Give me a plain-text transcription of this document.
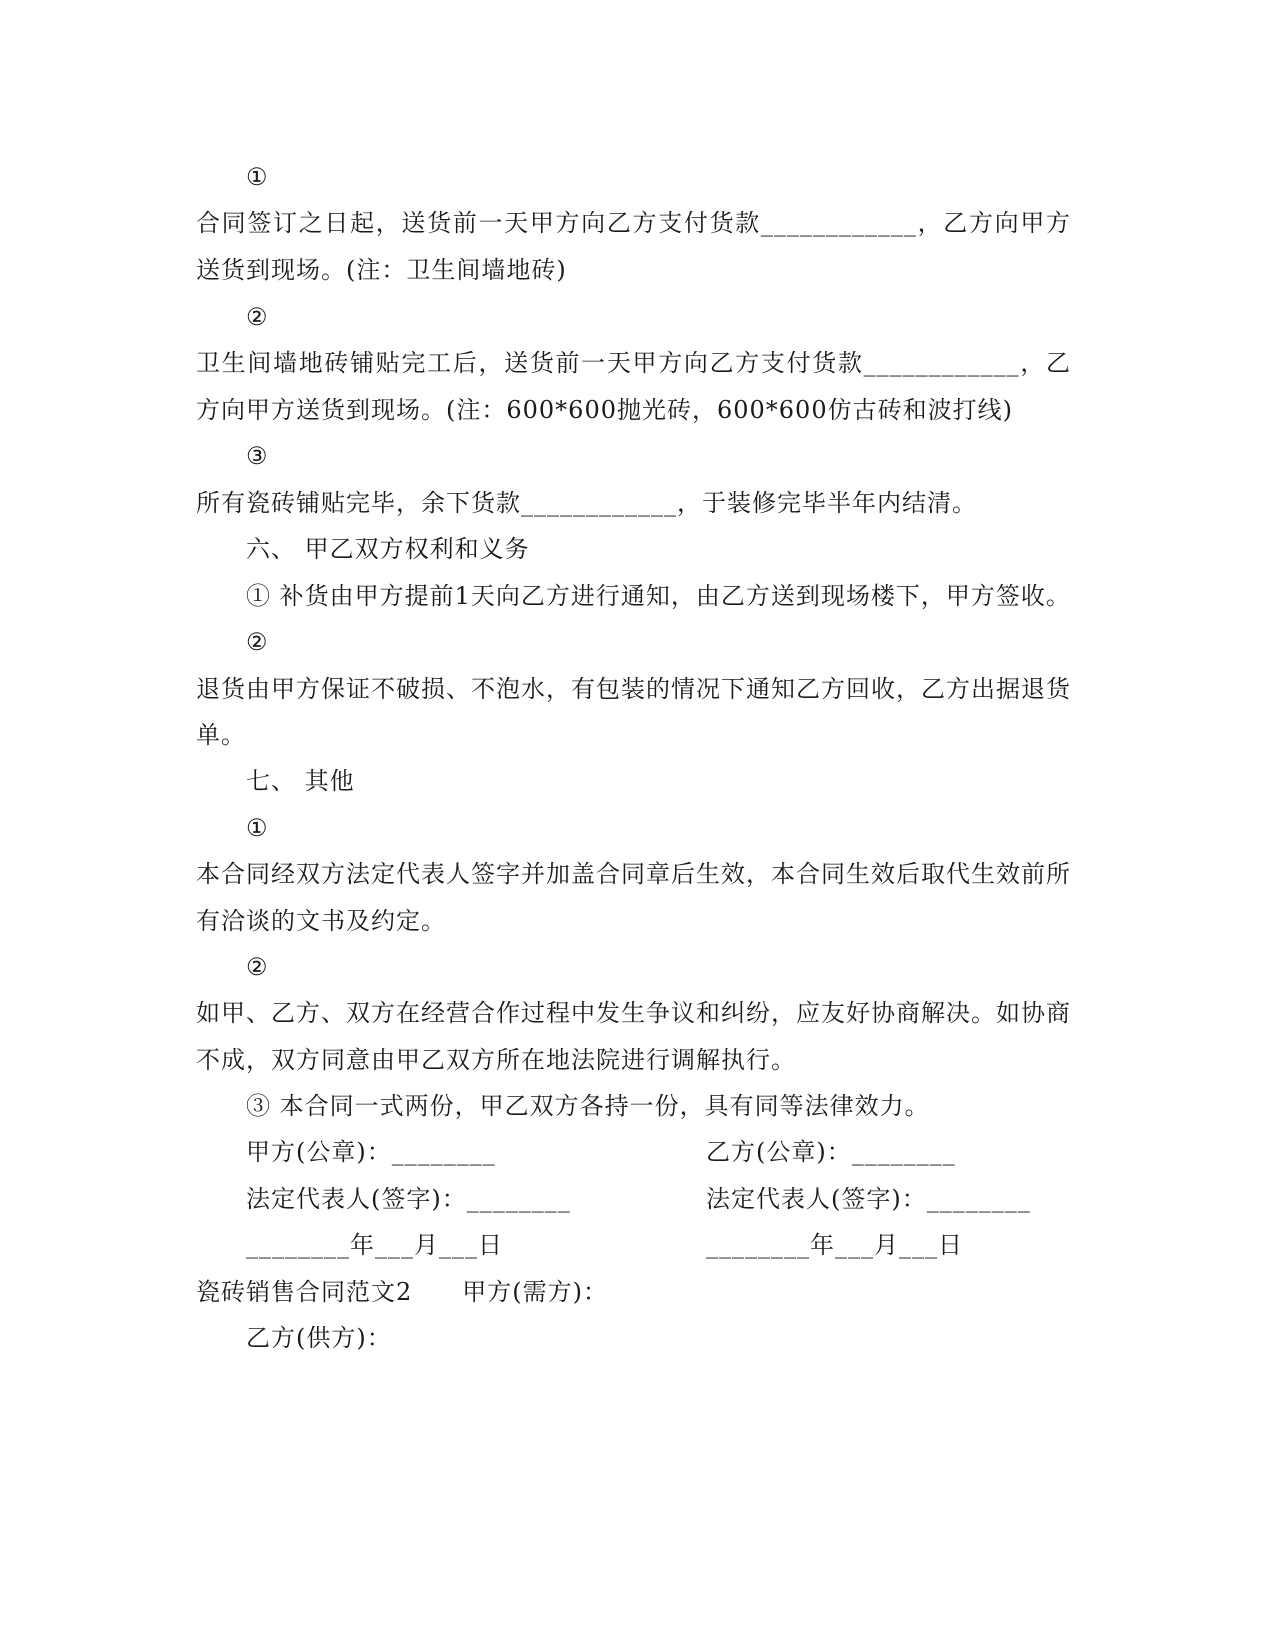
①
合同签订之日起，送货前一天甲方向乙方支付货款____________，乙方向甲方
送货到现场。(注：卫生间墙地砖)
②
卫生间墙地砖铺贴完工后，送货前一天甲方向乙方支付货款____________，乙
方向甲方送货到现场。(注：600*600抛光砖，600*600仿古砖和波打线)
③
所有瓷砖铺贴完毕，余下货款____________，于装修完毕半年内结清。
六、 甲乙双方权利和义务
① 补货由甲方提前1天向乙方进行通知，由乙方送到现场楼下，甲方签收。
②
退货由甲方保证不破损、不泡水，有包装的情况下通知乙方回收，乙方出据退货
单。
七、 其他
①
本合同经双方法定代表人签字并加盖合同章后生效，本合同生效后取代生效前所
有洽谈的文书及约定。
②
如甲、乙方、双方在经营合作过程中发生争议和纠纷，应友好协商解决。如协商
不成，双方同意由甲乙双方所在地法院进行调解执行。
③ 本合同一式两份，甲乙双方各持一份，具有同等法律效力。
甲方(公章)：________	乙方(公章)：________
法定代表人(签字)：________	法定代表人(签字)：________
________年___月___日	________年___月___日
瓷砖销售合同范文2　　甲方(需方)：
乙方(供方)：
